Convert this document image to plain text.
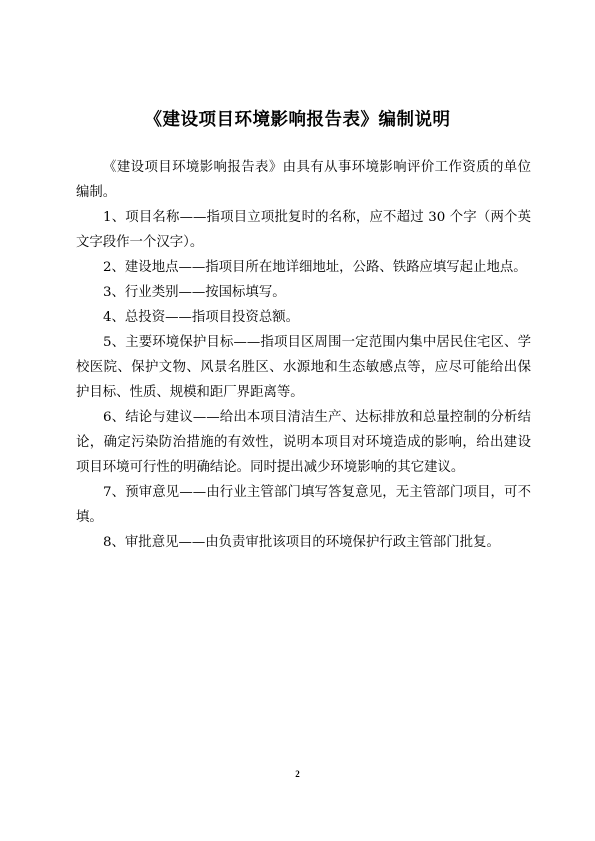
《建设项目环境影响报告表》编制说明

《建设项目环境影响报告表》由具有从事环境影响评价工作资质的单位编制。

1、项目名称——指项目立项批复时的名称，应不超过 30 个字（两个英文字段作一个汉字）。

2、建设地点——指项目所在地详细地址，公路、铁路应填写起止地点。

3、行业类别——按国标填写。

4、总投资——指项目投资总额。

5、主要环境保护目标——指项目区周围一定范围内集中居民住宅区、学校医院、保护文物、风景名胜区、水源地和生态敏感点等，应尽可能给出保护目标、性质、规模和距厂界距离等。

6、结论与建议——给出本项目清洁生产、达标排放和总量控制的分析结论，确定污染防治措施的有效性，说明本项目对环境造成的影响，给出建设项目环境可行性的明确结论。同时提出减少环境影响的其它建议。

7、预审意见——由行业主管部门填写答复意见，无主管部门项目，可不填。

8、审批意见——由负责审批该项目的环境保护行政主管部门批复。

2
